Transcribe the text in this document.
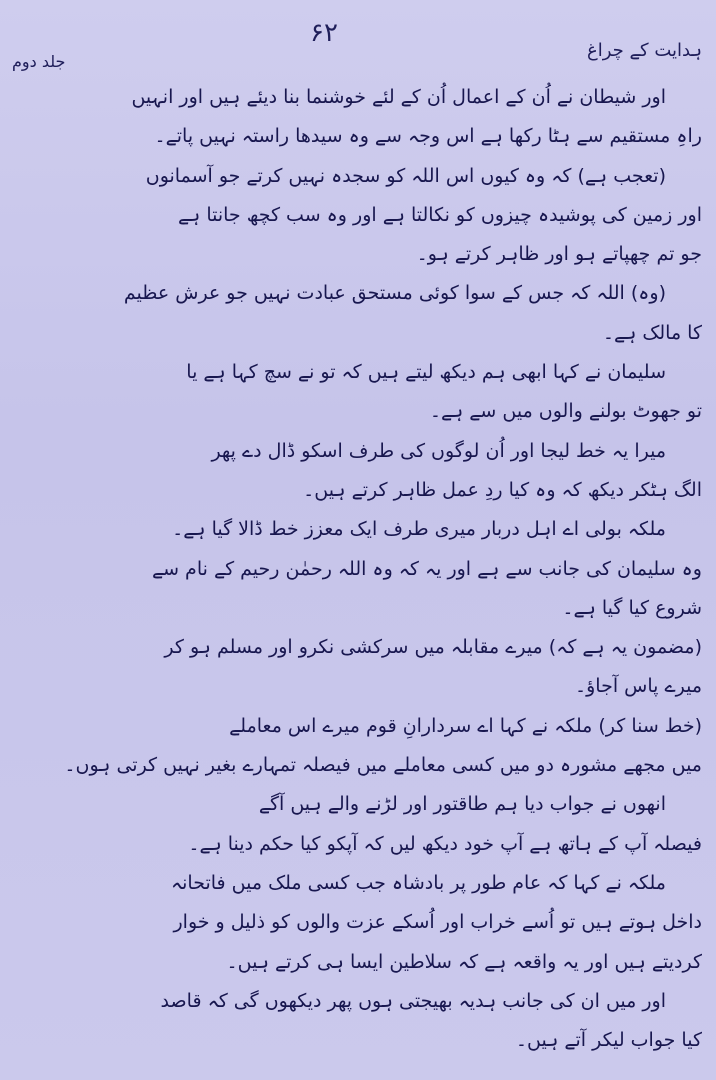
جلد دوم
۶۲
ہدایت کے چراغ
اور شیطان نے اُن کے اعمال اُن کے لئے خوشنما بنا دیئے ہیں اور انہیں
راہِ مستقیم سے ہٹا رکھا ہے اس وجہ سے وہ سیدھا راستہ نہیں پاتے۔
(تعجب ہے) کہ وہ کیوں اس اللہ کو سجدہ نہیں کرتے جو آسمانوں
اور زمین کی پوشیدہ چیزوں کو نکالتا ہے اور وہ سب کچھ جانتا ہے
جو تم چھپاتے ہو اور ظاہر کرتے ہو۔
(وہ) اللہ کہ جس کے سوا کوئی مستحق عبادت نہیں جو عرش عظیم
کا مالک ہے۔
سلیمان نے کہا ابھی ہم دیکھ لیتے ہیں کہ تو نے سچ کہا ہے یا
تو جھوٹ بولنے والوں میں سے ہے۔
میرا یہ خط لیجا اور اُن لوگوں کی طرف اسکو ڈال دے پھر
الگ ہٹکر دیکھ کہ وہ کیا ردِ عمل ظاہر کرتے ہیں۔
ملکہ بولی اے اہل دربار میری طرف ایک معزز خط ڈالا گیا ہے۔
وہ سلیمان کی جانب سے ہے اور یہ کہ وہ اللہ رحمٰن رحیم کے نام سے
شروع کیا گیا ہے۔
(مضمون یہ ہے کہ) میرے مقابلہ میں سرکشی نکرو اور مسلم ہو کر
میرے پاس آجاؤ۔
(خط سنا کر) ملکہ نے کہا اے سردارانِ قوم میرے اس معاملے
میں مجھے مشورہ دو میں کسی معاملے میں فیصلہ تمہارے بغیر نہیں کرتی ہوں۔
انھوں نے جواب دیا ہم طاقتور اور لڑنے والے ہیں آگے
فیصلہ آپ کے ہاتھ ہے آپ خود دیکھ لیں کہ آپکو کیا حکم دینا ہے۔
ملکہ نے کہا کہ عام طور پر بادشاہ جب کسی ملک میں فاتحانہ
داخل ہوتے ہیں تو اُسے خراب اور اُسکے عزت والوں کو ذلیل و خوار
کردیتے ہیں اور یہ واقعہ ہے کہ سلاطین ایسا ہی کرتے ہیں۔
اور میں ان کی جانب ہدیہ بھیجتی ہوں پھر دیکھوں گی کہ قاصد
کیا جواب لیکر آتے ہیں۔
